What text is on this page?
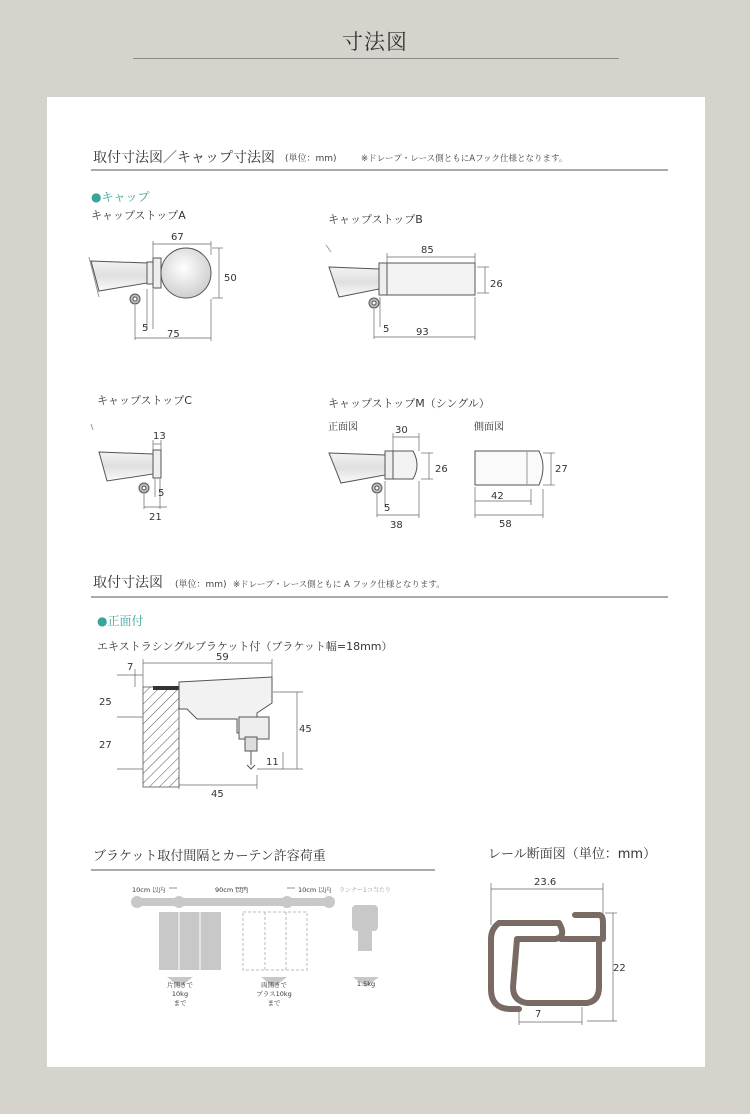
寸法図
取付寸法図／キャップ寸法図 (単位：mm)	※ドレープ・レース側ともにAフック仕様となります。
●キャップ
キャップストップA
67
50
5
75
キャップストップB
85
26
5	93
キャップストップC
13
5
21
キャップストップM（シングル）
正面図	側面図
30
26
5
38
27
42
58
取付寸法図 (単位：mm) ※ドレープ・レース側ともに A フック仕様となります。
●正面付
エキストラシングルブラケット付（ブラケット幅=18mm）
7
59
25
45
27
11
45
ブラケット取付間隔とカーテン許容荷重
10cm 以内	90cm 以内	10cm 以内 ランナー1コ当たり
片開きで
10kg
まで
両開きで
プラス10kg
まで
1.5kg
レール断面図（単位：mm）
23.6
22
7
